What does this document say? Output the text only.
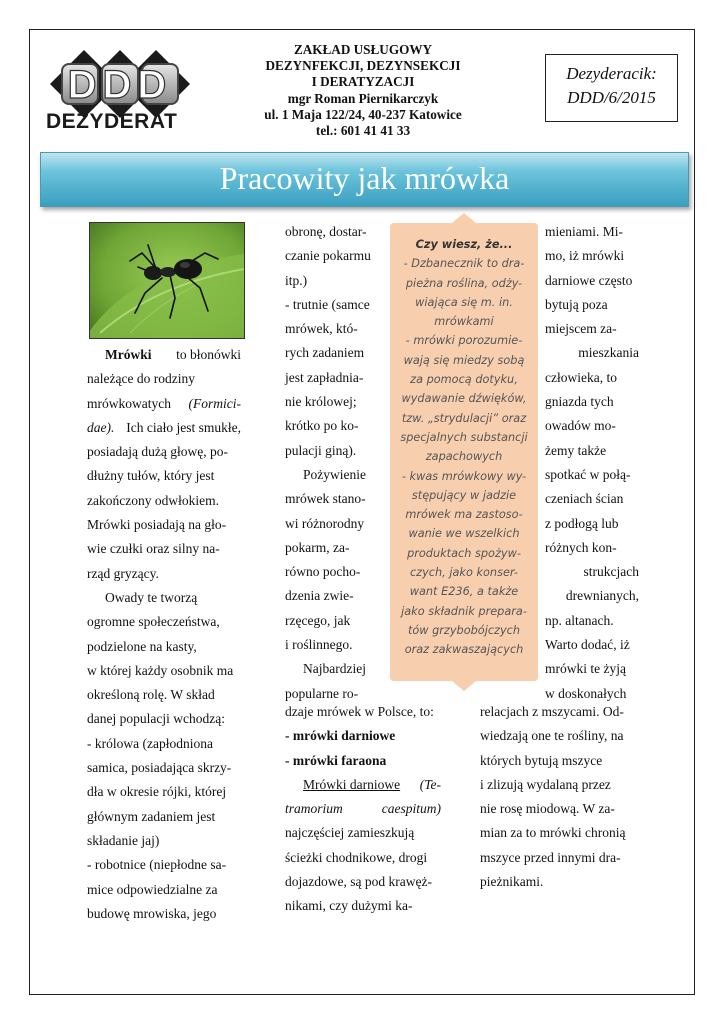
DDD
DEZYDERAT
ZAKŁAD USŁUGOWY
DEZYNFEKCJI, DEZYNSEKCJI
I DERATYZACJI
mgr Roman Piernikarczyk
ul. 1 Maja 122/24, 40-237 Katowice
tel.: 601 41 41 33
Dezyderacik:
DDD/6/2015
Pracowity jak mrówka
Czy wiesz, że...
- Dzbanecznik to dra-
pieżna roślina, odży-
wiająca się m. in.
mrówkami
- mrówki porozumie-
wają się miedzy sobą
za pomocą dotyku,
wydawanie dźwięków,
tzw. „strydulacji” oraz
specjalnych substancji
zapachowych
- kwas mrówkowy wy-
stępujący w jadzie
mrówek ma zastoso-
wanie we wszelkich
produktach spożyw-
czych, jako konser-
want E236, a także
jako składnik prepara-
tów grzybobójczych
oraz zakwaszających
Mrówki to błonówki
należące do rodziny
mrówkowatych (Formici-
dae). Ich ciało jest smukłe,
posiadają dużą głowę, po-
dłużny tułów, który jest
zakończony odwłokiem.
Mrówki posiadają na gło-
wie czułki oraz silny na-
rząd gryzący.
Owady te tworzą
ogromne społeczeństwa,
podzielone na kasty,
w której każdy osobnik ma
określoną rolę. W skład
danej populacji wchodzą:
- królowa (zapłodniona
samica, posiadająca skrzy-
dła w okresie rójki, której
głównym zadaniem jest
składanie jaj)
- robotnice (niepłodne sa-
mice odpowiedzialne za
budowę mrowiska, jego
obronę, dostar-
czanie pokarmu
itp.)
- trutnie (samce
mrówek, któ-
rych zadaniem
jest zapładnia-
nie królowej;
krótko po ko-
pulacji giną).
Pożywienie
mrówek stano-
wi różnorodny
pokarm, za-
równo pocho-
dzenia zwie-
rzęcego, jak
i roślinnego.
Najbardziej
popularne ro-
dzaje mrówek w Polsce, to:
- mrówki darniowe
- mrówki faraona
Mrówki darniowe (Te-
tramorium	caespitum)
najczęściej zamieszkują
ścieżki chodnikowe, drogi
dojazdowe, są pod krawęż-
nikami, czy dużymi ka-
mieniami. Mi-
mo, iż mrówki
darniowe często
bytują poza
miejscem za-
mieszkania
człowieka, to
gniazda tych
owadów mo-
żemy także
spotkać w połą-
czeniach ścian
z podłogą lub
różnych kon-
strukcjach
drewnianych,
np. altanach.
Warto dodać, iż
mrówki te żyją
w doskonałych
relacjach z mszycami. Od-
wiedzają one te rośliny, na
których bytują mszyce
i zlizują wydalaną przez
nie rosę miodową. W za-
mian za to mrówki chronią
mszyce przed innymi dra-
pieżnikami.
